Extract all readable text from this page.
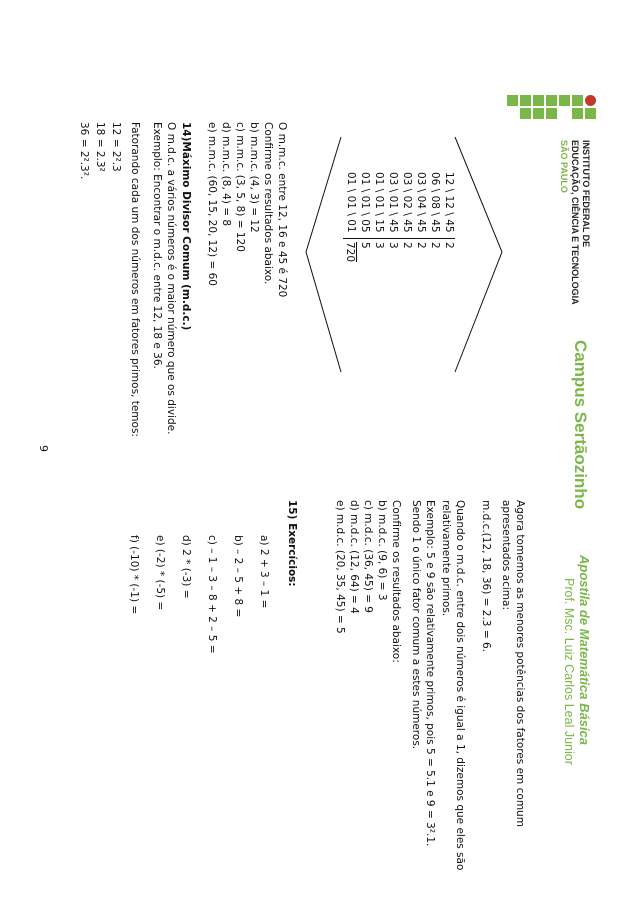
INSTITUTO FEDERAL DE
EDUCAÇÃO, CIÊNCIA E TECNOLOGIA
SÃO PAULO
Campus Sertãozinho
Apostila de Matemática Básica
Prof. Msc. Luiz Carlos Leal Junior
12 \ 12 \ 45
2
06 \ 08 \ 45
2
03 \ 04 \ 45
2
03 \ 02 \ 45
2
03 \ 01 \ 45
3
01 \ 01 \ 15
3
01 \ 01 \ 05
5
01 \ 01 \ 01
720
O m.m.c. entre 12, 16 e 45 é 720
Confirme os resultados abaixo.
b) m.m.c. (4, 3) = 12
c) m.m.c. (3, 5, 8) = 120
d) m.m.c. (8, 4) = 8
e) m.m.c. (60, 15, 20, 12) = 60
14)Máximo Divisor Comum (m.d.c.)
O m.d.c. a vários números é o maior número que os divide.
Exemplo: Encontrar o m.d.c. entre 12, 18 e 36.
Fatorando cada um dos números em fatores primos, temos:
12 = 2².3
18 = 2.3²
36 = 2².3².
Agora tomemos as menores potências dos fatores em comum
apresentados acima:
m.d.c.(12, 18, 36) = 2.3 = 6.
Quando o m.d.c. entre dois números é igual a 1, dizemos que eles são
relativamente primos.
Exemplo: 5 e 9 são relativamente primos, pois 5 = 5.1 e 9 = 3².1.
Sendo 1 o único fator comum a estes números.
Confirme os resultados abaixo:
b) m.d.c. (9, 6) = 3
c) m.d.c. (36, 45) = 9
d) m.d.c. (12, 64) = 4
e) m.d.c. (20, 35, 45) = 5
15) Exercícios:
a) 2 + 3 – 1 =
b) – 2 – 5 + 8 =
c) – 1 – 3 – 8 + 2 – 5 =
d) 2 * (-3) =
e) (-2) * (-5) =
f) (-10) * (-1) =
9
